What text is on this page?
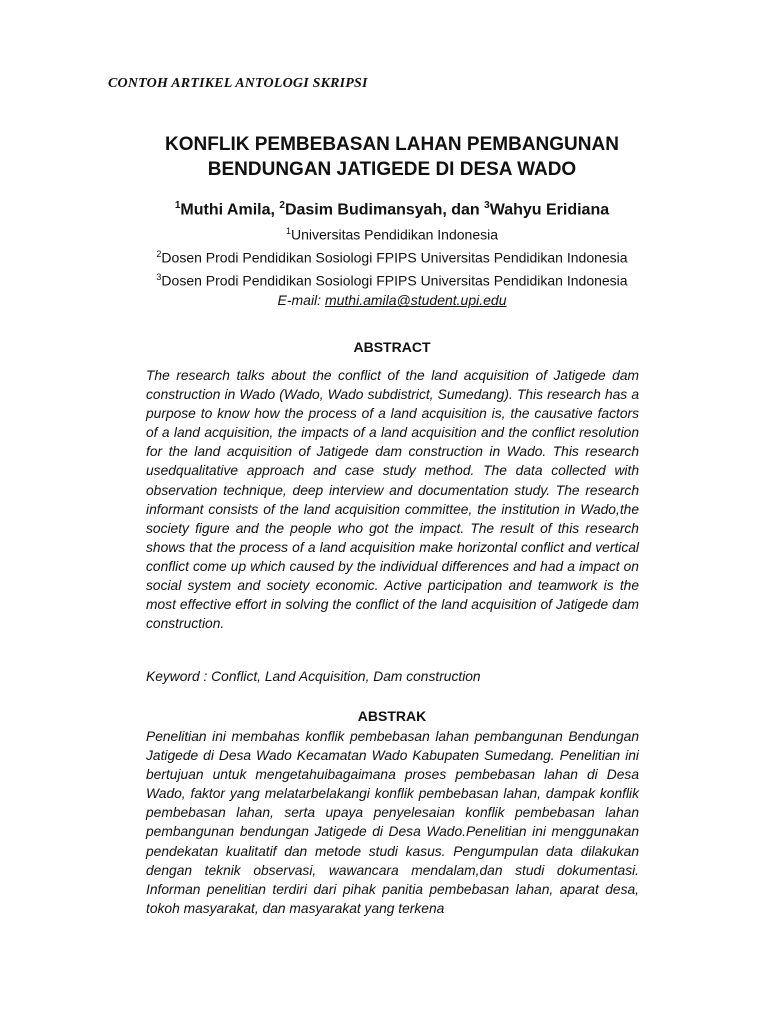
CONTOH ARTIKEL ANTOLOGI SKRIPSI
KONFLIK PEMBEBASAN LAHAN PEMBANGUNAN
BENDUNGAN JATIGEDE DI DESA WADO
$^1$Muthi Amila, $^2$Dasim Budimansyah, dan $^3$Wahyu Eridiana
$^1$Universitas Pendidikan Indonesia
$^2$Dosen Prodi Pendidikan Sosiologi FPIPS Universitas Pendidikan Indonesia
$^3$Dosen Prodi Pendidikan Sosiologi FPIPS Universitas Pendidikan Indonesia
E-mail: muthi.amila@student.upi.edu
ABSTRACT
The research talks about the conflict of the land acquisition of Jatigede dam construction in Wado (Wado, Wado subdistrict, Sumedang). This research has a purpose to know how the process of a land acquisition is, the causative factors of a land acquisition, the impacts of a land acquisition and the conflict resolution for the land acquisition of Jatigede dam construction in Wado. This research usedqualitative approach and case study method. The data collected with observation technique, deep interview and documentation study. The research informant consists of the land acquisition committee, the institution in Wado,the society figure and the people who got the impact. The result of this research shows that the process of a land acquisition make horizontal conflict and vertical conflict come up which caused by the individual differences and had a impact on social system and society economic. Active participation and teamwork is the most effective effort in solving the conflict of the land acquisition of Jatigede dam construction.
Keyword : Conflict, Land Acquisition, Dam construction
ABSTRAK
Penelitian ini membahas konflik pembebasan lahan pembangunan Bendungan Jatigede di Desa Wado Kecamatan Wado Kabupaten Sumedang. Penelitian ini bertujuan untuk mengetahuibagaimana proses pembebasan lahan di Desa Wado, faktor yang melatarbelakangi konflik pembebasan lahan, dampak konflik pembebasan lahan, serta upaya penyelesaian konflik pembebasan lahan pembangunan bendungan Jatigede di Desa Wado.Penelitian ini menggunakan pendekatan kualitatif dan metode studi kasus. Pengumpulan data dilakukan dengan teknik observasi, wawancara mendalam,dan studi dokumentasi. Informan penelitian terdiri dari pihak panitia pembebasan lahan, aparat desa, tokoh masyarakat, dan masyarakat yang terkena
